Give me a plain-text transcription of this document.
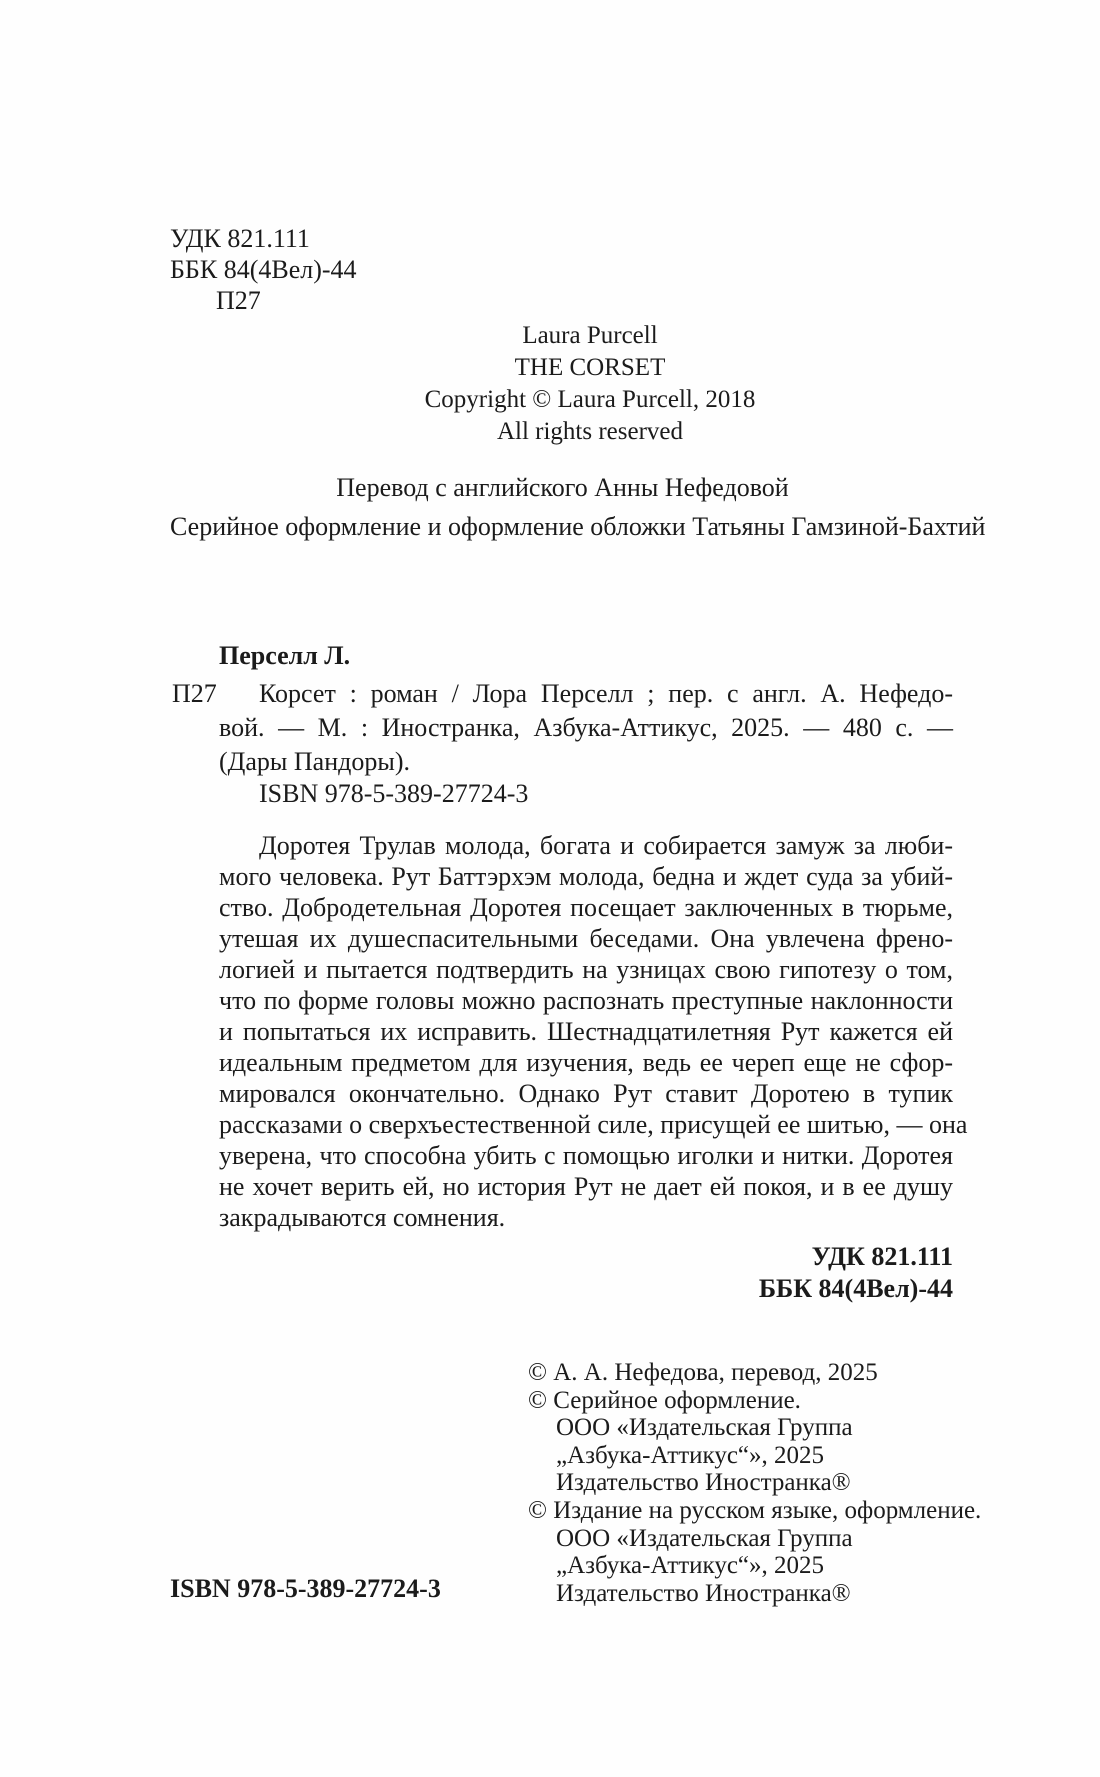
УДК 821.111
ББК 84(4Вел)-44
П27
Laura Purcell
THE CORSET
Copyright © Laura Purcell, 2018
All rights reserved
Перевод с английского Анны Нефедовой
Серийное оформление и оформление обложки Татьяны Гамзиной-Бахтий
Перселл Л.
П27 Корсет : роман / Лора Перселл ; пер. с англ. А. Нефедо-
вой. — М. : Иностранка, Азбука-Аттикус, 2025. — 480 с. —
(Дары Пандоры).
ISBN 978-5-389-27724-3
Доротея Трулав молода, богата и собирается замуж за люби-
мого человека. Рут Баттэрхэм молода, бедна и ждет суда за убий-
ство. Добродетельная Доротея посещает заключенных в тюрьме,
утешая их душеспасительными беседами. Она увлечена френо-
логией и пытается подтвердить на узницах свою гипотезу о том,
что по форме головы можно распознать преступные наклонности
и попытаться их исправить. Шестнадцатилетняя Рут кажется ей
идеальным предметом для изучения, ведь ее череп еще не сфор-
мировался окончательно. Однако Рут ставит Доротею в тупик
рассказами о сверхъестественной силе, присущей ее шитью, — она
уверена, что способна убить с помощью иголки и нитки. Доротея
не хочет верить ей, но история Рут не дает ей покоя, и в ее душу
закрадываются сомнения.
УДК 821.111
ББК 84(4Вел)-44
© А. А. Нефедова, перевод, 2025
© Серийное оформление.
ООО «Издательская Группа
„Азбука-Аттикус“», 2025
Издательство Иностранка®
© Издание на русском языке, оформление.
ООО «Издательская Группа
„Азбука-Аттикус“», 2025
Издательство Иностранка®
ISBN 978-5-389-27724-3
